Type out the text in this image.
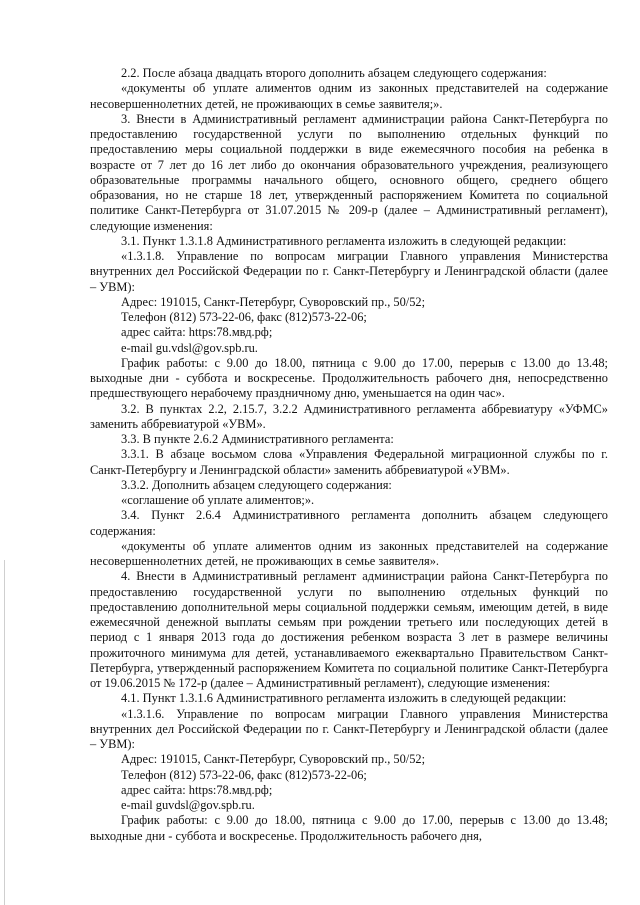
2.2. После абзаца двадцать второго дополнить абзацем следующего содержания:

«документы об уплате алиментов одним из законных представителей на содержание несовершеннолетних детей, не проживающих в семье заявителя;».

3. Внести в Административный регламент администрации района Санкт-Петербурга по предоставлению государственной услуги по выполнению отдельных функций по предоставлению меры социальной поддержки в виде ежемесячного пособия на ребенка в возрасте от 7 лет до 16 лет либо до окончания образовательного учреждения, реализующего образовательные программы начального общего, основного общего, среднего общего образования, но не старше 18 лет, утвержденный распоряжением Комитета по социальной политике Санкт-Петербурга от 31.07.2015 № 209-р (далее – Административный регламент), следующие изменения:

3.1. Пункт 1.3.1.8 Административного регламента изложить в следующей редакции:

«1.3.1.8. Управление по вопросам миграции Главного управления Министерства внутренних дел Российской Федерации по г. Санкт-Петербургу и Ленинградской области (далее – УВМ):

Адрес: 191015, Санкт-Петербург, Суворовский пр., 50/52;

Телефон (812) 573-22-06, факс (812)573-22-06;

адрес сайта: https:78.мвд.рф;

e-mail gu.vdsl@gov.spb.ru.

График работы: с 9.00 до 18.00, пятница с 9.00 до 17.00, перерыв с 13.00 до 13.48; выходные дни - суббота и воскресенье. Продолжительность рабочего дня, непосредственно предшествующего нерабочему праздничному дню, уменьшается на один час».

3.2. В пунктах 2.2, 2.15.7, 3.2.2 Административного регламента аббревиатуру «УФМС» заменить аббревиатурой «УВМ».

3.3. В пункте 2.6.2 Административного регламента:

3.3.1. В абзаце восьмом слова «Управления Федеральной миграционной службы по г. Санкт-Петербургу и Ленинградской области» заменить аббревиатурой «УВМ».

3.3.2. Дополнить абзацем следующего содержания:

«соглашение об уплате алиментов;».

3.4. Пункт 2.6.4 Административного регламента дополнить абзацем следующего содержания:

«документы об уплате алиментов одним из законных представителей на содержание несовершеннолетних детей, не проживающих в семье заявителя».

4. Внести в Административный регламент администрации района Санкт-Петербурга по предоставлению государственной услуги по выполнению отдельных функций по предоставлению дополнительной меры социальной поддержки семьям, имеющим детей, в виде ежемесячной денежной выплаты семьям при рождении третьего или последующих детей в период с 1 января 2013 года до достижения ребенком возраста 3 лет в размере величины прожиточного минимума для детей, устанавливаемого ежеквартально Правительством Санкт-Петербурга, утвержденный распоряжением Комитета по социальной политике Санкт-Петербурга от 19.06.2015 № 172-р (далее – Административный регламент), следующие изменения:

4.1. Пункт 1.3.1.6 Административного регламента изложить в следующей редакции:

«1.3.1.6. Управление по вопросам миграции Главного управления Министерства внутренних дел Российской Федерации по г. Санкт-Петербургу и Ленинградской области (далее – УВМ):

Адрес: 191015, Санкт-Петербург, Суворовский пр., 50/52;

Телефон (812) 573-22-06, факс (812)573-22-06;

адрес сайта: https:78.мвд.рф;

e-mail guvdsl@gov.spb.ru.

График работы: с 9.00 до 18.00, пятница с 9.00 до 17.00, перерыв с 13.00 до 13.48; выходные дни - суббота и воскресенье. Продолжительность рабочего дня,
